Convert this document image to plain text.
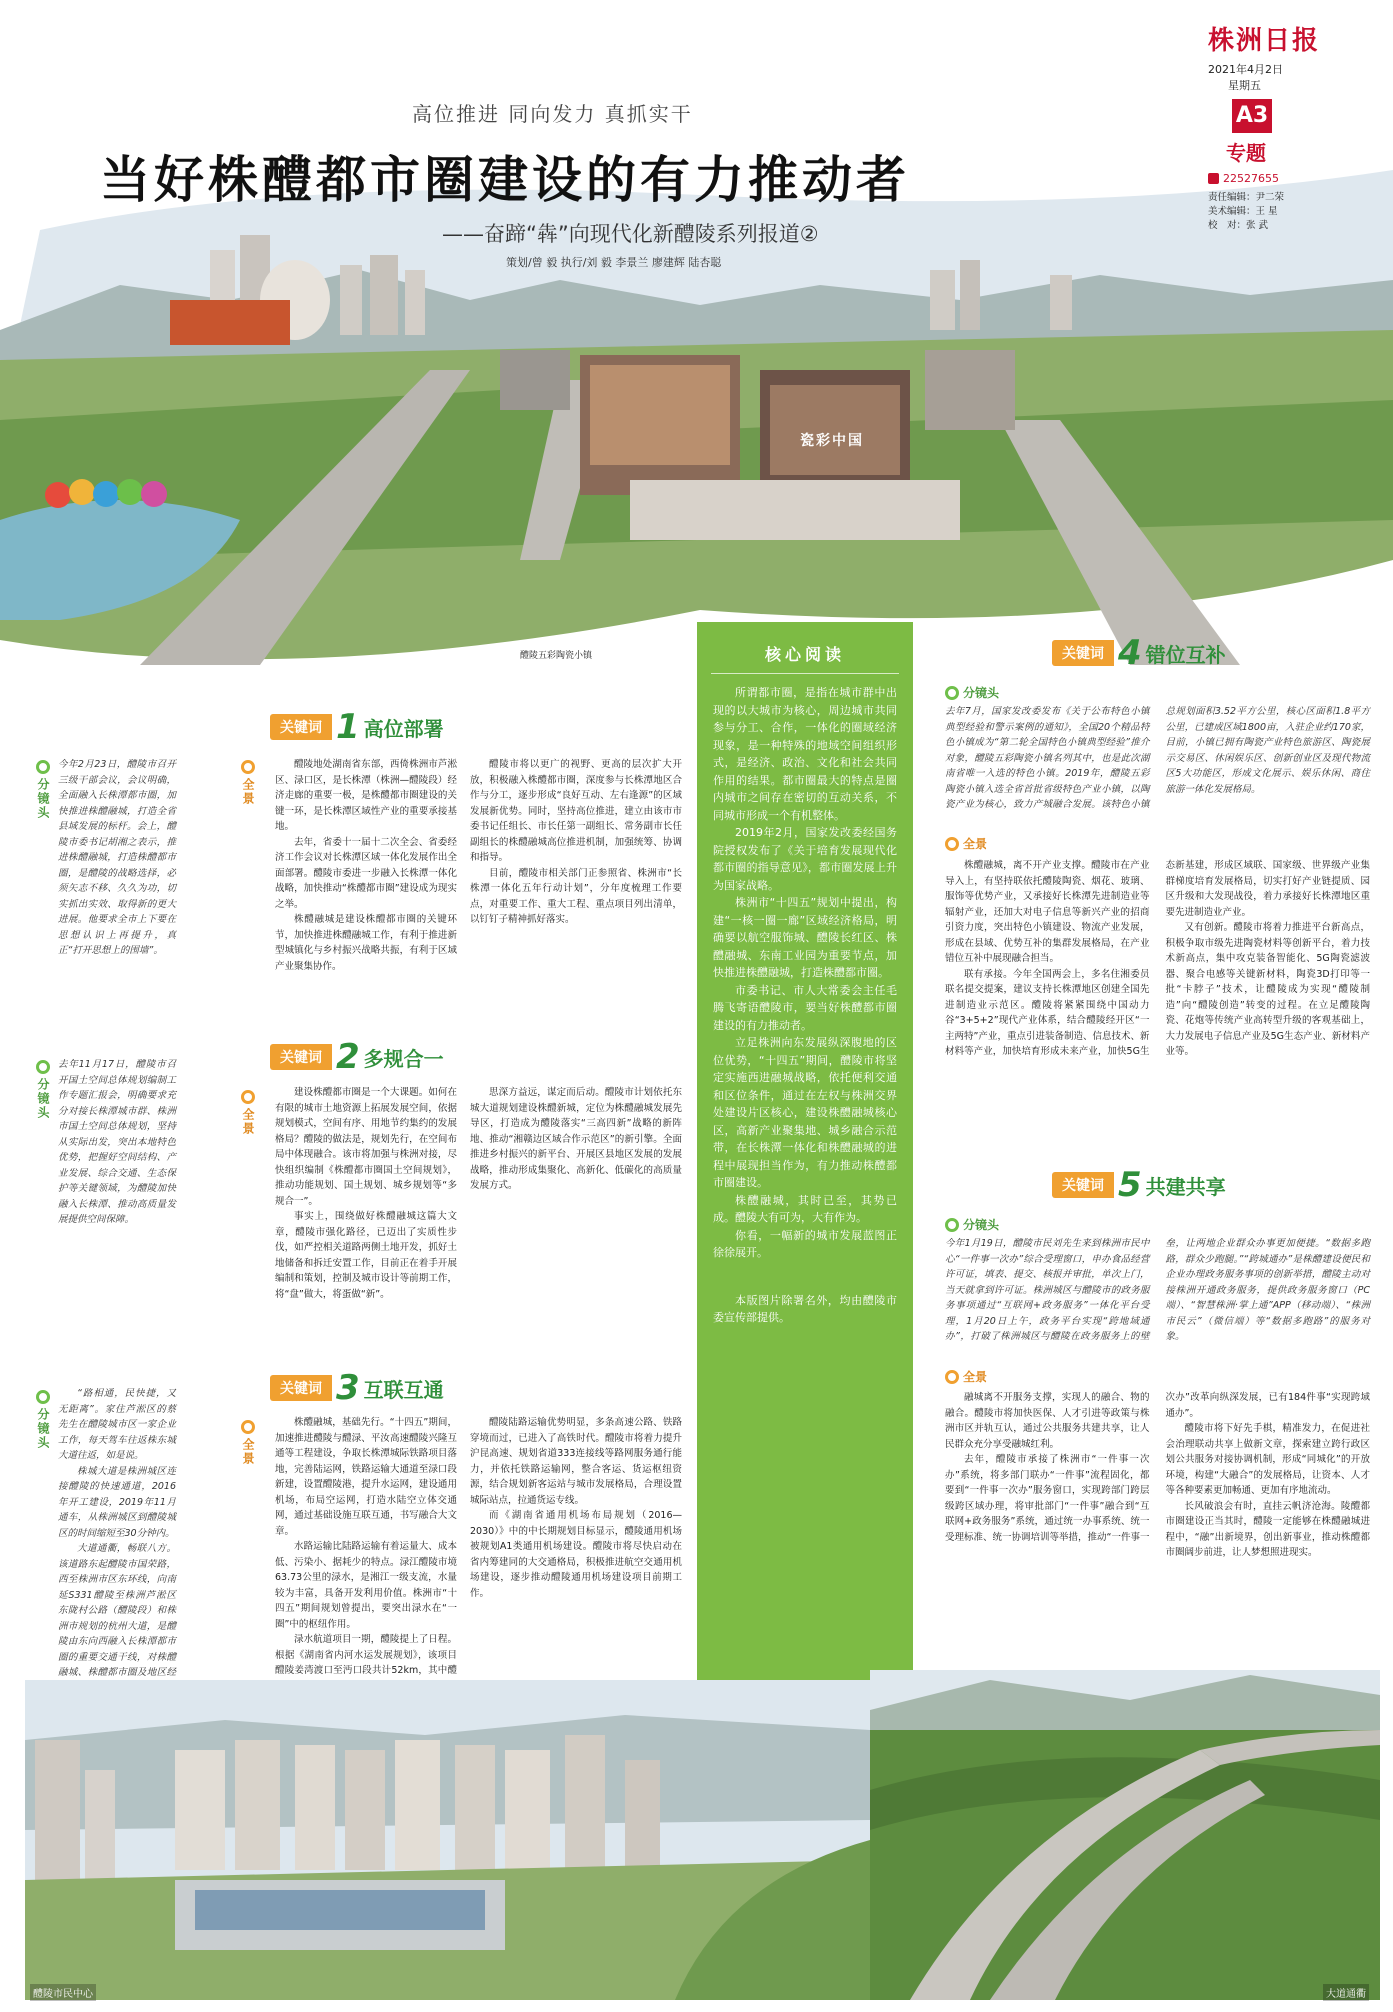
瓷彩中国
醴陵五彩陶瓷小镇
株洲日报
2021年4月2日
星期五
A3
专题
22527655
责任编辑：尹二荣
美术编辑：王 星
校　对：张 武
高位推进 同向发力 真抓实干
当好株醴都市圈建设的有力推动者
——奋蹄“犇”向现代化新醴陵系列报道②
策划/曾 毅 执行/刘 毅 李景兰 廖建辉 陆杏聪
核心阅读

所谓都市圈，是指在城市群中出现的以大城市为核心，周边城市共同参与分工、合作，一体化的圈域经济现象，是一种特殊的地域空间组织形式，是经济、政治、文化和社会共同作用的结果。都市圈最大的特点是圈内城市之间存在密切的互动关系，不同城市形成一个有机整体。

2019年2月，国家发改委经国务院授权发布了《关于培育发展现代化都市圈的指导意见》，都市圈发展上升为国家战略。

株洲市“十四五”规划中提出，构建“一核一圈一廊”区域经济格局，明确要以航空服饰城、醴陵长红区、株醴融城、东南工业园为重要节点，加快推进株醴融城，打造株醴都市圈。

市委书记、市人大常委会主任毛腾飞寄语醴陵市，要当好株醴都市圈建设的有力推动者。

立足株洲向东发展纵深腹地的区位优势，“十四五”期间，醴陵市将坚定实施西进融城战略，依托便利交通和区位条件，通过在左权与株洲交界处建设片区核心，建设株醴融城核心区，高新产业聚集地、城乡融合示范带，在长株潭一体化和株醴融城的进程中展现担当作为，有力推动株醴都市圈建设。

株醴融城，其时已至，其势已成。醴陵大有可为，大有作为。

你看，一幅新的城市发展蓝图正徐徐展开。

本版图片除署名外，均由醴陵市委宣传部提供。

关键词 1 高位部署
分镜头
今年2月23日，醴陵市召开三级干部会议，会议明确，全面融入长株潭都市圈，加快推进株醴融城，打造全省县域发展的标杆。会上，醴陵市委书记胡湘之表示，推进株醴融城，打造株醴都市圈，是醴陵的战略选择，必须矢志不移、久久为功，切实抓出实效、取得新的更大进展。他要求全市上下要在思想认识上再提升，真正“打开思想上的围墙”。
全景

醴陵地处湖南省东部，西倚株洲市芦淞区、渌口区，是长株潭（株洲—醴陵段）经济走廊的重要一极，是株醴都市圈建设的关键一环，是长株潭区域性产业的重要承接基地。

去年，省委十一届十二次全会、省委经济工作会议对长株潭区域一体化发展作出全面部署。醴陵市委进一步融入长株潭一体化战略，加快推动“株醴都市圈”建设成为现实之举。

株醴融城是建设株醴都市圈的关键环节，加快推进株醴融城工作，有利于推进新型城镇化与乡村振兴战略共振，有利于区域产业聚集协作。

醴陵市将以更广的视野、更高的层次扩大开放，积极融入株醴都市圈，深度参与长株潭地区合作与分工，逐步形成“良好互动、左右逢源”的区域发展新优势。同时，坚持高位推进，建立由该市市委书记任组长、市长任第一副组长、常务副市长任副组长的株醴融城高位推进机制，加强统筹、协调和指导。

目前，醴陵市相关部门正参照省、株洲市“长株潭一体化五年行动计划”，分年度梳理工作要点，对重要工作、重大工程、重点项目列出清单，以钉钉子精神抓好落实。

关键词 2 多规合一
分镜头
去年11月17日，醴陵市召开国土空间总体规划编制工作专题汇报会，明确要求充分对接长株潭城市群、株洲市国土空间总体规划，坚持从实际出发，突出本地特色优势，把握好空间结构、产业发展、综合交通、生态保护等关键领域，为醴陵加快融入长株潭、推动高质量发展提供空间保障。
全景

建设株醴都市圈是一个大课题。如何在有限的城市土地资源上拓展发展空间，依据规划模式，空间有序、用地节约集约的发展格局？醴陵的做法是，规划先行，在空间布局中体现融合。该市将加强与株洲对接，尽快组织编制《株醴都市圈国土空间规划》，推动功能规划、国土规划、城乡规划等“多规合一”。

事实上，围绕做好株醴融城这篇大文章，醴陵市强化路径，已迈出了实质性步伐，如严控相关道路两侧土地开发，抓好土地储备和拆迁安置工作，目前正在着手开展编制和策划，控制及城市设计等前期工作，将“盘”做大，将蛋做“新”。

思深方益远，谋定而后动。醴陵市计划依托东城大道规划建设株醴新城，定位为株醴融城发展先导区，打造成为醴陵落实“三高四新”战略的新阵地、推动“湘赣边区域合作示范区”的新引擎。全面推进乡村振兴的新平台、开展区县地区发展的发展战略，推动形成集聚化、高新化、低碳化的高质量发展方式。

关键词 3 互联互通
分镜头

“路相通，民快捷，又无距离”。家住芦淞区的蔡先生在醴陵城市区一家企业工作，每天驾车往返株东城大道往返，如是说。

株城大道是株洲城区连接醴陵的快速通道，2016年开工建设，2019年11月通车，从株洲城区到醴陵城区的时间缩短至30分钟内。

大道通衢，畅联八方。该道路东起醴陵市国荣路，西至株洲市区东环线，向南延S331醴陵至株洲芦淞区东陇村公路（醴陵段）和株洲市规划的杭州大道，是醴陵由东向西融入长株潭都市圈的重要交通干线，对株醴融城、株醴都市圈及地区经

全景

株醴融城，基础先行。“十四五”期间，加速推进醴陵与醴渌、平汝高速醴陵兴隆互通等工程建设，争取长株潭城际铁路项目落地，完善陆运网，铁路运输大通道至渌口段新建，设置醴陵港，提升水运网，建设通用机场，布局空运网，打造水陆空立体交通网，通过基础设施互联互通，书写融合大文章。

水路运输比陆路运输有着运量大、成本低、污染小、据耗少的特点。渌江醴陵市境63.73公里的渌水，是湘江一级支流，水量较为丰富，具备开发利用价值。株洲市“十四五”期间规划曾提出，要突出渌水在“一圈”中的枢纽作用。

渌水航道项目一期，醴陵提上了日程。根据《湖南省内河水运发展规划》，该项目醴陵姜湾渡口至沔口段共计52km，其中醴

醴陵陆路运输优势明显，多条高速公路、铁路穿境而过，已进入了高铁时代。醴陵市将着力提升沪昆高速、规划省道333连接线等路网服务通行能力，并依托铁路运输网，整合客运、货运枢纽资源，结合规划新客运站与城市发展格局，合理设置城际站点，拉通货运专线。

而《湖南省通用机场布局规划（2016—2030）》中的中长期规划目标显示，醴陵通用机场被规划A1类通用机场建设。醴陵市将尽快启动在省内筹建同的大交通格局，积极推进航空交通用机场建设，逐步推动醴陵通用机场建设项目前期工作。

关键词 4 错位互补
分镜头
去年7月，国家发改委发布《关于公布特色小镇典型经验和警示案例的通知》，全国20个精品特色小镇成为“第二轮全国特色小镇典型经验”推介对象，醴陵五彩陶瓷小镇名列其中，也是此次湖南省唯一入选的特色小镇。2019年，醴陵五彩陶瓷小镇入选全省首批省级特色产业小镇，以陶瓷产业为核心，致力产城融合发展。该特色小镇总规划面积3.52平方公里，核心区面积1.8平方公里，已建成区域1800亩，入驻企业约170家，目前，小镇已拥有陶瓷产业特色旅游区、陶瓷展示交易区、休闲娱乐区、创新创业区及现代物流区5大功能区，形成文化展示、娱乐休闲、商住旅游一体化发展格局。
全景

株醴融城，离不开产业支撑。醴陵市在产业导入上，有坚持联依托醴陵陶瓷、烟花、玻璃、服饰等优势产业，又承接好长株潭先进制造业等辐射产业，还加大对电子信息等新兴产业的招商引资力度，突出特色小镇建设、物流产业发展，形成在县域、优势互补的集群发展格局，在产业错位互补中展现融合担当。

联有承接。今年全国两会上，多名住湘委员联名提交提案，建议支持长株潭地区创建全国先进制造业示范区。醴陵将紧紧围绕中国动力谷“3+5+2”现代产业体系，结合醴陵经开区“一主两特”产业，重点引进装备制造、信息技术、新材料等产业，加快培育形成未来产业，加快5G生态新基建，形成区域联、国家级、世界级产业集群梯度培育发展格局，切实打好产业链提质、园区升级和大发现战役，着力承接好长株潭地区重要先进制造业产业。

又有创新。醴陵市将着力推进平台新高点，积极争取市级先进陶瓷材料等创新平台，着力技术新高点，集中攻克装备智能化、5G陶瓷滤波器、聚合电感等关键新材料，陶瓷3D打印等一批“卡脖子”技术，让醴陵成为实现“醴陵制造”向“醴陵创造”转变的过程。在立足醴陵陶瓷、花炮等传统产业高转型升级的客观基础上，大力发展电子信息产业及5G生态产业、新材料产业等。

关键词 5 共建共享
分镜头
今年1月19日，醴陵市民刘先生来到株洲市民中心“一件事一次办”综合受理窗口，申办食品经营许可证，填表、提交、核报并审批，单次上门，当天就拿到许可证。株洲城区与醴陵市的政务服务事项通过“互联网+政务服务”一体化平台受理，1月20日上午，政务平台实现“跨地域通办”，打破了株洲城区与醴陵在政务服务上的壁垒，让两地企业群众办事更加便捷。“数据多跑路，群众少跑腿。”“跨城通办”是株醴建设便民和企业办理政务服务事项的创新举措，醴陵主动对接株洲开通政务服务，提供政务服务窗口（PC端）、“智慧株洲·掌上通”APP（移动端）、“株洲市民云”（微信端）等“数据多跑路”的服务对象。
全景

融城离不开服务支撑，实现人的融合、物的融合。醴陵市将加快医保、人才引进等政策与株洲市区并轨互认，通过公共服务共建共享，让人民群众充分享受融城红利。

去年，醴陵市承接了株洲市“一件事一次办”系统，将多部门联办“一件事”流程固化，都要到“一件事一次办”服务窗口，实现跨部门跨层级跨区域办理，将审批部门“一件事”融合到“互联网+政务服务”系统，通过统一办事系统、统一受理标准、统一协调培训等举措，推动“一件事一次办”改革向纵深发展，已有184件事“实现跨域通办”。

醴陵市将下好先手棋，精准发力，在促进社会治理联动共享上做新文章，探索建立跨行政区划公共服务对接协调机制，形成“同城化”的开放环境，构建“大融合”的发展格局，让资本、人才等各种要素更加畅通、更加有序地流动。

长风破浪会有时，直挂云帆济沧海。陵醴都市圈建设正当其时，醴陵一定能够在株醴融城进程中，“融”出新境界，创出新事业，推动株醴都市圈阔步前进，让人梦想照进现实。

醴陵市民中心	大道通衢
